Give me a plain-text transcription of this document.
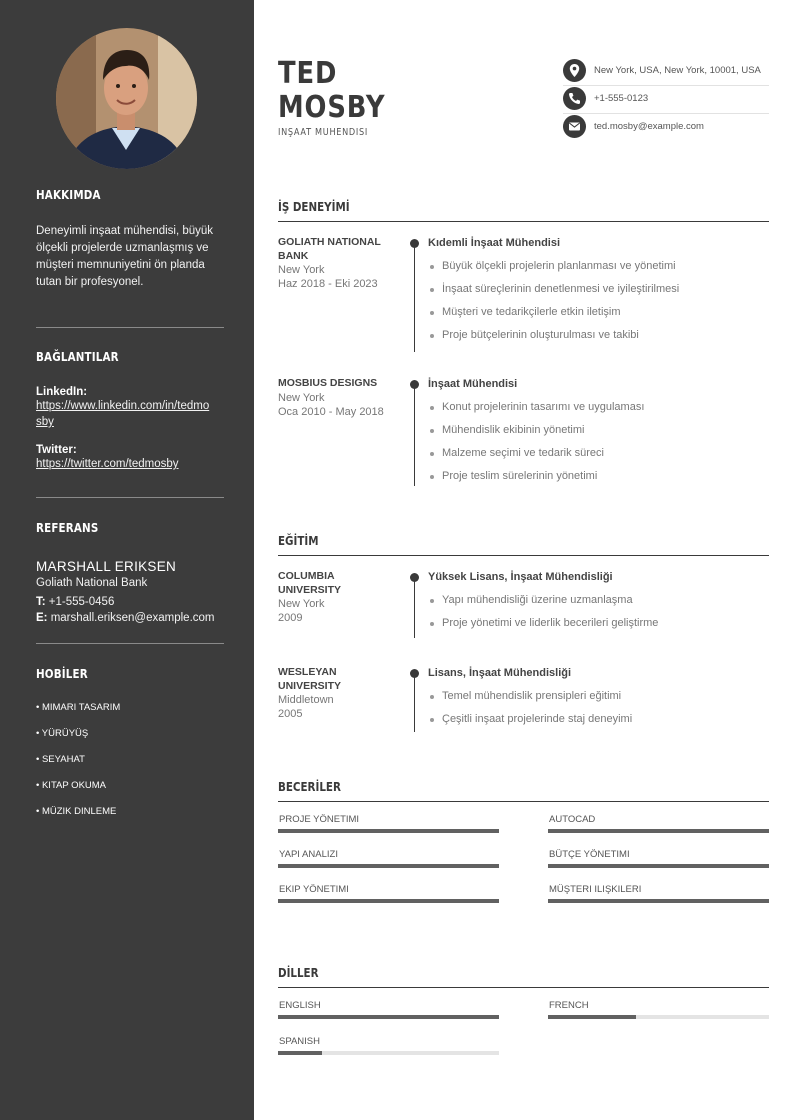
HAKKIMDA
Deneyimli inşaat mühendisi, büyük ölçekli projelerde uzmanlaşmış ve müşteri memnuniyetini ön planda tutan bir profesyonel.
BAĞLANTILAR
LinkedIn:
https://www.linkedin.com/in/tedmosby
Twitter:
https://twitter.com/tedmosby
REFERANS
MARSHALL ERIKSEN
Goliath National Bank
T: +1-555-0456
E: marshall.eriksen@example.com
HOBİLER
• MIMARI TASARIM
• YÜRÜYÜŞ
• SEYAHAT
• KITAP OKUMA
• MÜZIK DINLEME
TED
MOSBY
İNŞAAT MÜHENDİSİ
New York, USA, New York, 10001, USA
+1-555-0123
ted.mosby@example.com
İŞ DENEYİMİ
GOLIATH NATIONAL BANK
New York
Haz 2018 - Eki 2023
Kıdemli İnşaat Mühendisi
Büyük ölçekli projelerin planlanması ve yönetimi
İnşaat süreçlerinin denetlenmesi ve iyileştirilmesi
Müşteri ve tedarikçilerle etkin iletişim
Proje bütçelerinin oluşturulması ve takibi
MOSBIUS DESIGNS
New York
Oca 2010 - May 2018
İnşaat Mühendisi
Konut projelerinin tasarımı ve uygulaması
Mühendislik ekibinin yönetimi
Malzeme seçimi ve tedarik süreci
Proje teslim sürelerinin yönetimi
EĞİTİM
COLUMBIA UNIVERSITY
New York
2009
Yüksek Lisans, İnşaat Mühendisliği
Yapı mühendisliği üzerine uzmanlaşma
Proje yönetimi ve liderlik becerileri geliştirme
WESLEYAN UNIVERSITY
Middletown
2005
Lisans, İnşaat Mühendisliği
Temel mühendislik prensipleri eğitimi
Çeşitli inşaat projelerinde staj deneyimi
BECERİLER
PROJE YÖNETIMI	AUTOCAD
YAPI ANALIZI	BÜTÇE YÖNETIMI
EKIP YÖNETIMI	MÜŞTERI ILIŞKILERI
DİLLER
ENGLISH	FRENCH
SPANISH
